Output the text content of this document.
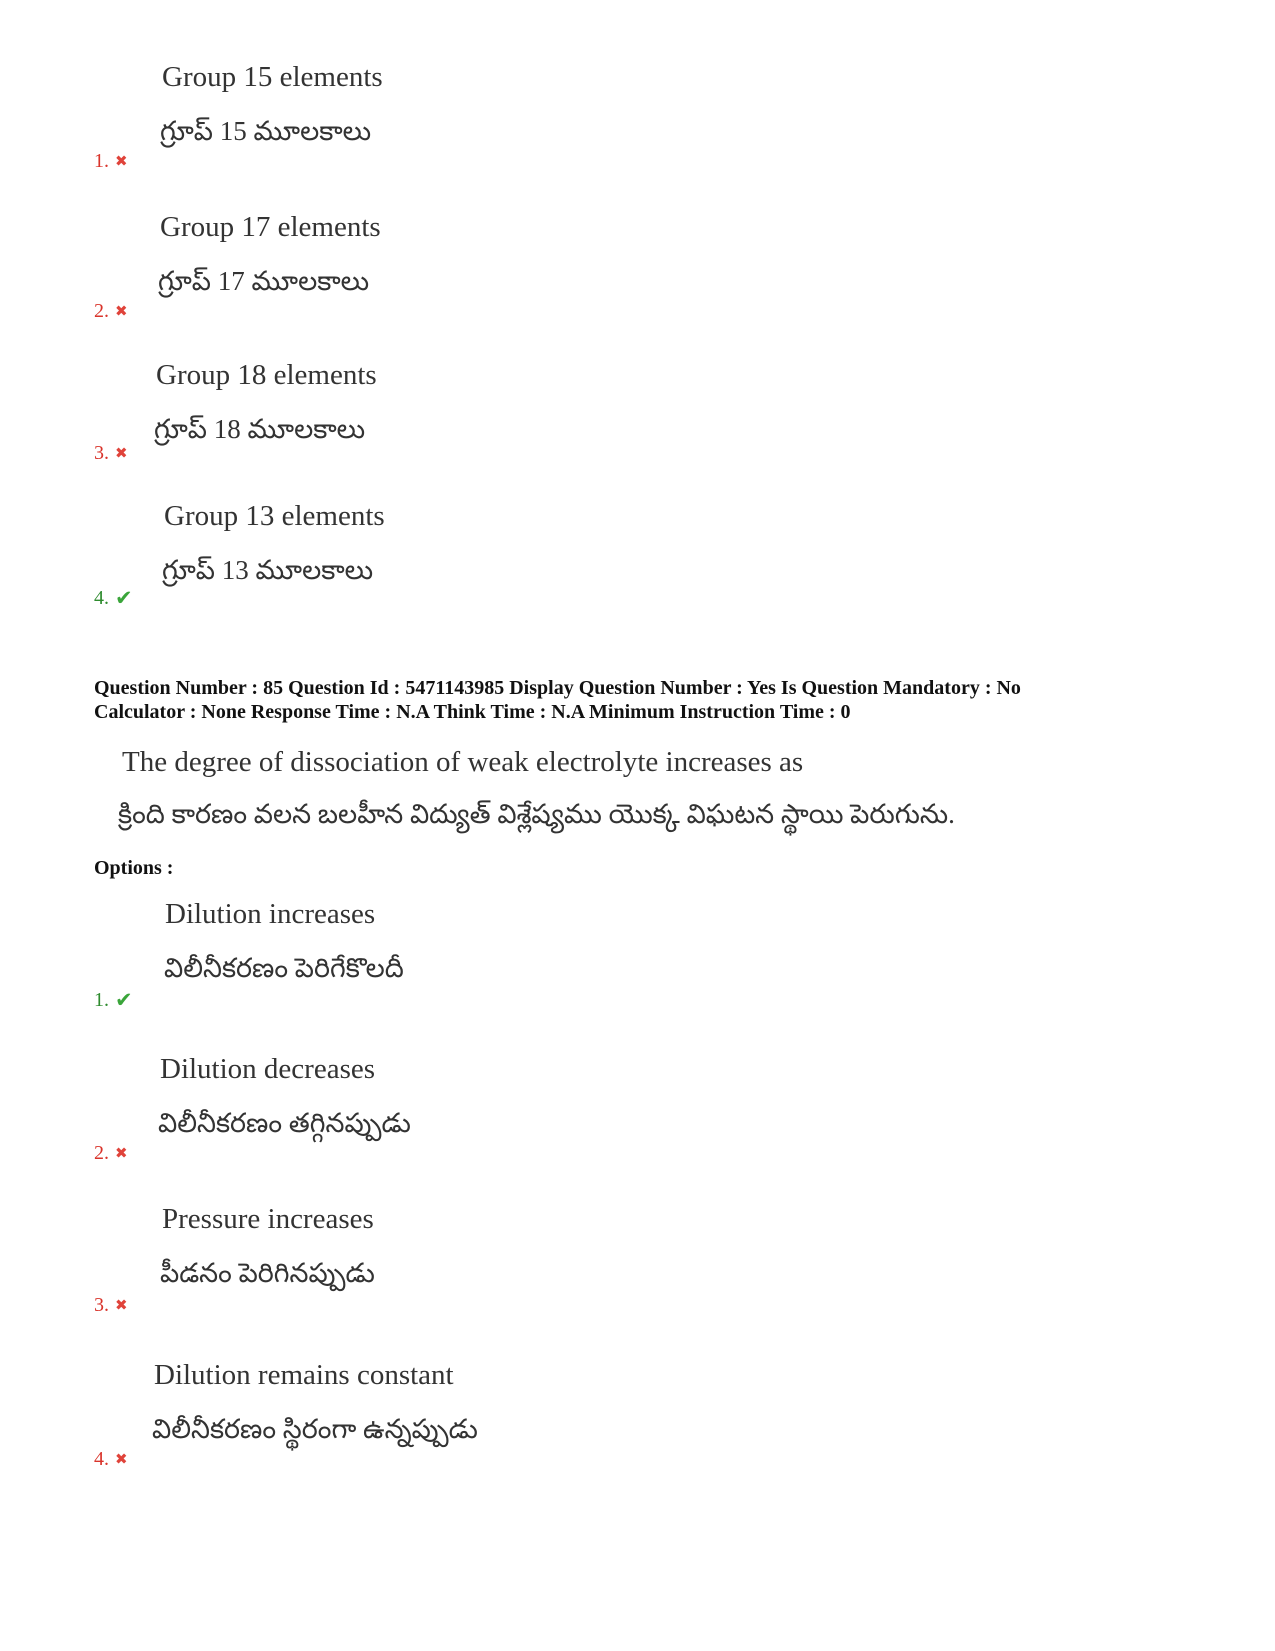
Group 15 elements
గ్రూప్ 15 మూలకాలు
1. ✖
Group 17 elements
గ్రూప్ 17 మూలకాలు
2. ✖
Group 18 elements
గ్రూప్ 18 మూలకాలు
3. ✖
Group 13 elements
గ్రూప్ 13 మూలకాలు
4. ✔
Question Number : 85 Question Id : 5471143985 Display Question Number : Yes Is Question Mandatory : No
Calculator : None Response Time : N.A Think Time : N.A Minimum Instruction Time : 0
The degree of dissociation of weak electrolyte increases as
క్రింది కారణం వలన బలహీన విద్యుత్ విశ్లేష్యము యొక్క విఘటన స్థాయి పెరుగును.
Options :
Dilution increases
విలీనీకరణం పెరిగేకొలదీ
1. ✔
Dilution decreases
విలీనీకరణం తగ్గినప్పుడు
2. ✖
Pressure increases
పీడనం పెరిగినప్పుడు
3. ✖
Dilution remains constant
విలీనీకరణం స్థిరంగా ఉన్నప్పుడు
4. ✖
